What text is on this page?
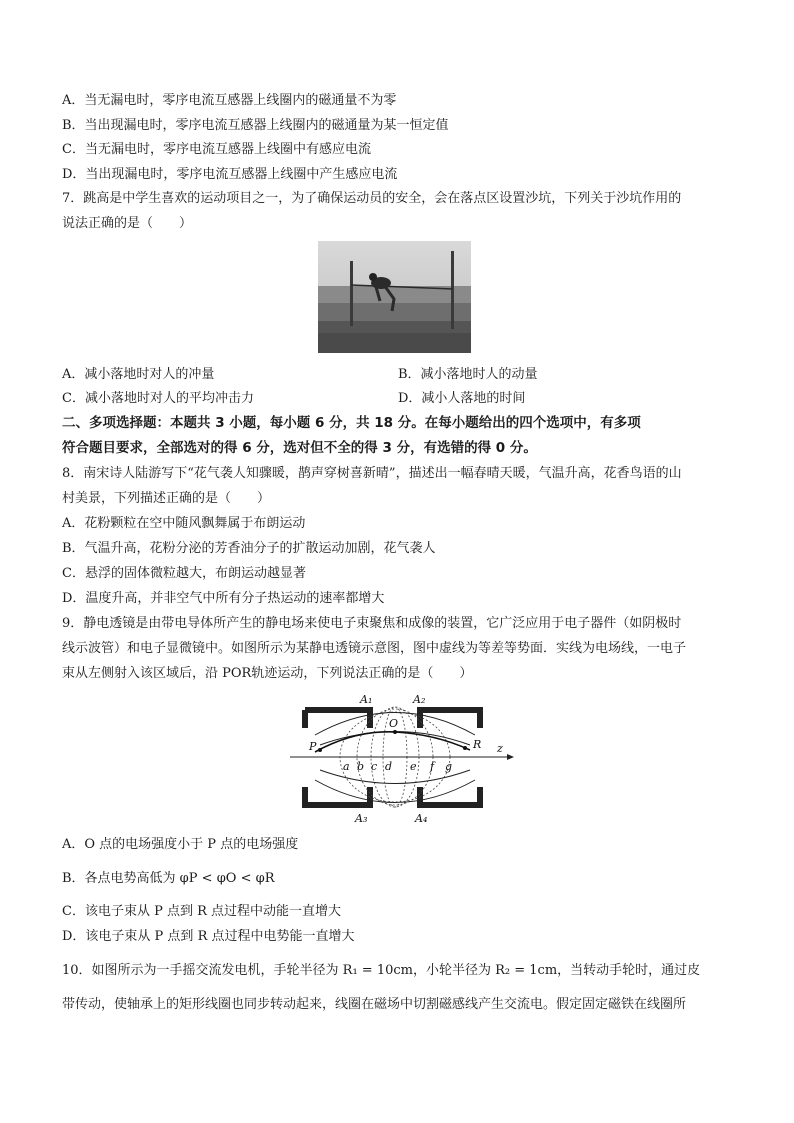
A．当无漏电时，零序电流互感器上线圈内的磁通量不为零
B．当出现漏电时，零序电流互感器上线圈内的磁通量为某一恒定值
C．当无漏电时，零序电流互感器上线圈中有感应电流
D．当出现漏电时，零序电流互感器上线圈中产生感应电流
7．跳高是中学生喜欢的运动项目之一，为了确保运动员的安全，会在落点区设置沙坑，下列关于沙坑作用的
说法正确的是（　　）
A．减小落地时对人的冲量	B．减小落地时人的动量
C．减小落地时对人的平均冲击力	D．减小人落地的时间
二、多项选择题：本题共 3 小题，每小题 6 分，共 18 分。在每小题给出的四个选项中，有多项
符合题目要求，全部选对的得 6 分，选对但不全的得 3 分，有选错的得 0 分。
8．南宋诗人陆游写下“花气袭人知骤暖，鹊声穿树喜新晴”，描述出一幅春晴天暖，气温升高，花香鸟语的山
村美景，下列描述正确的是（　　）
A．花粉颗粒在空中随风飘舞属于布朗运动
B．气温升高，花粉分泌的芳香油分子的扩散运动加剧，花气袭人
C．悬浮的固体微粒越大，布朗运动越显著
D．温度升高，并非空气中所有分子热运动的速率都增大
9．静电透镜是由带电导体所产生的静电场来使电子束聚焦和成像的装置，它广泛应用于电子器件（如阴极时
线示波管）和电子显微镜中。如图所示为某静电透镜示意图，图中虚线为等差等势面．实线为电场线，一电子
束从左侧射入该区域后，沿 POR轨迹运动，下列说法正确的是（　　）
A₁	A₂
A₃	A₄
P
O
R z
a b c d e f g
A．O 点的电场强度小于 P 点的电场强度
B．各点电势高低为 φP < φO < φR
C．该电子束从 P 点到 R 点过程中动能一直增大
D．该电子束从 P 点到 R 点过程中电势能一直增大
10．如图所示为一手摇交流发电机，手轮半径为 R₁ = 10cm，小轮半径为 R₂ = 1cm，当转动手轮时，通过皮
带传动，使轴承上的矩形线圈也同步转动起来，线圈在磁场中切割磁感线产生交流电。假定固定磁铁在线圈所
